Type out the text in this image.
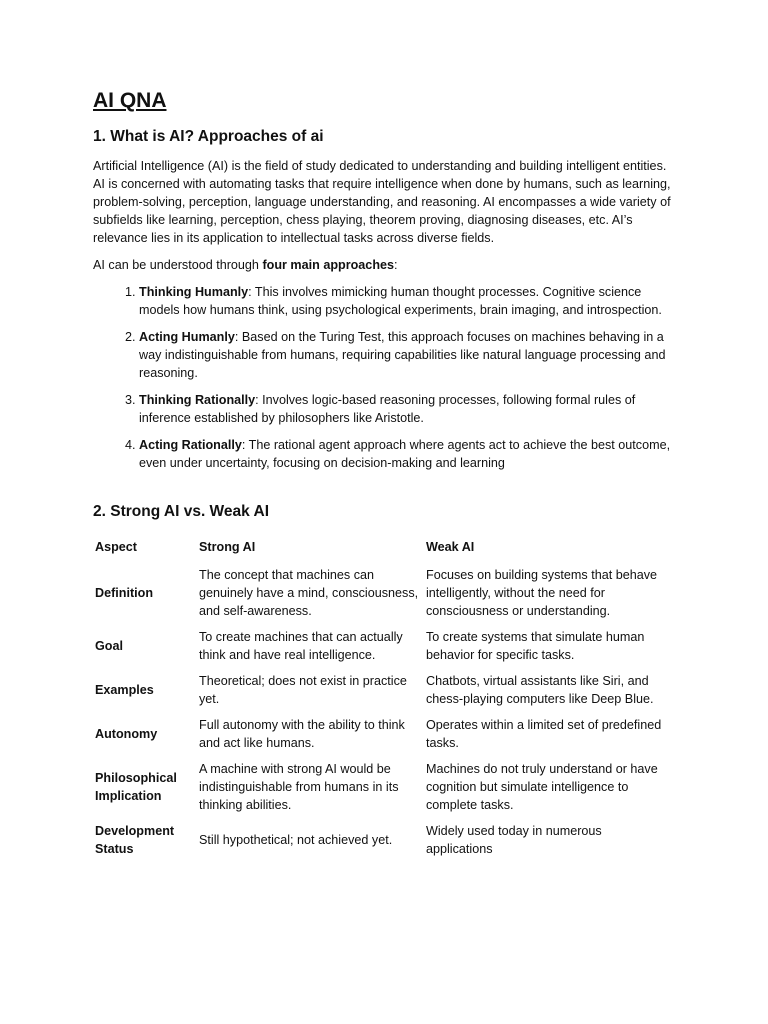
AI QNA
1. What is AI? Approaches of ai

Artificial Intelligence (AI) is the field of study dedicated to understanding and building intelligent entities. AI is concerned with automating tasks that require intelligence when done by humans, such as learning, problem-solving, perception, language understanding, and reasoning. AI encompasses a wide variety of subfields like learning, perception, chess playing, theorem proving, diagnosing diseases, etc. AI’s relevance lies in its application to intellectual tasks across diverse fields.

AI can be understood through four main approaches:

1. Thinking Humanly: This involves mimicking human thought processes. Cognitive science models how humans think, using psychological experiments, brain imaging, and introspection.
2. Acting Humanly: Based on the Turing Test, this approach focuses on machines behaving in a way indistinguishable from humans, requiring capabilities like natural language processing and reasoning.
3. Thinking Rationally: Involves logic-based reasoning processes, following formal rules of inference established by philosophers like Aristotle.
4. Acting Rationally: The rational agent approach where agents act to achieve the best outcome, even under uncertainty, focusing on decision-making and learning
2. Strong AI vs. Weak AI
Aspect	Strong AI	Weak AI
Definition	The concept that machines can genuinely have a mind, consciousness, and self-awareness.	Focuses on building systems that behave intelligently, without the need for consciousness or understanding.
Goal	To create machines that can actually think and have real intelligence.	To create systems that simulate human behavior for specific tasks.
Examples	Theoretical; does not exist in practice yet.	Chatbots, virtual assistants like Siri, and chess-playing computers like Deep Blue.
Autonomy	Full autonomy with the ability to think and act like humans.	Operates within a limited set of predefined tasks.
Philosophical Implication	A machine with strong AI would be indistinguishable from humans in its thinking abilities.	Machines do not truly understand or have cognition but simulate intelligence to complete tasks.
Development Status	Still hypothetical; not achieved yet.	Widely used today in numerous applications
